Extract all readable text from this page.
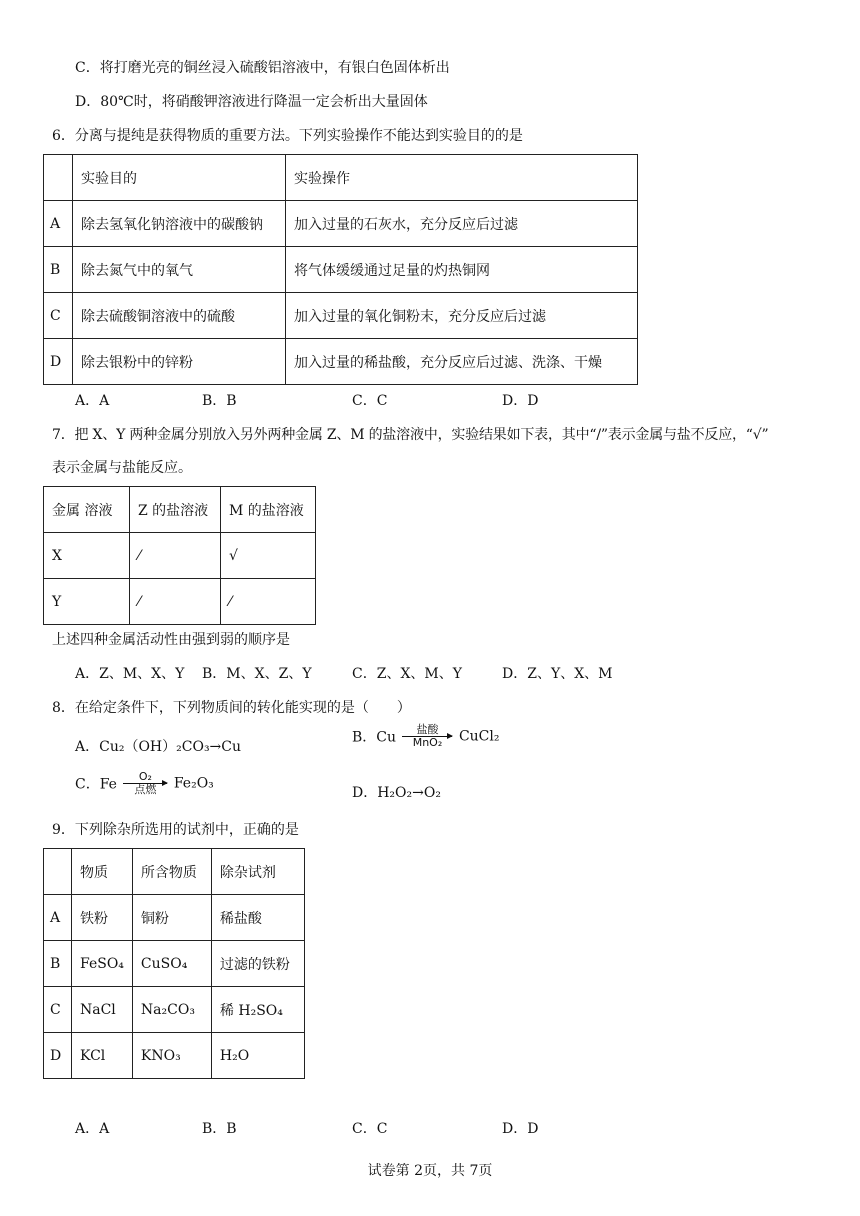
C．将打磨光亮的铜丝浸入硫酸铝溶液中，有银白色固体析出
D．80℃时，将硝酸钾溶液进行降温一定会析出大量固体
6．分离与提纯是获得物质的重要方法。下列实验操作不能达到实验目的的是
	实验目的	实验操作
A	除去氢氧化钠溶液中的碳酸钠	加入过量的石灰水，充分反应后过滤
B	除去氮气中的氧气	将气体缓缓通过足量的灼热铜网
C	除去硫酸铜溶液中的硫酸	加入过量的氧化铜粉末，充分反应后过滤
D	除去银粉中的锌粉	加入过量的稀盐酸，充分反应后过滤、洗涤、干燥
A．A	B．B	C．C	D．D
7．把 X、Y 两种金属分别放入另外两种金属 Z、M 的盐溶液中，实验结果如下表，其中“/”表示金属与盐不反应，“√”
表示金属与盐能反应。
金属 溶液	Z 的盐溶液	M 的盐溶液
X	⁄	√
Y	⁄	⁄
上述四种金属活动性由强到弱的顺序是
A．Z、M、X、Y B．M、X、Z、Y	C．Z、X、M、Y	D．Z、Y、X、M
8．在给定条件下，下列物质间的转化能实现的是（　　）
A．Cu₂（OH）₂CO₃→Cu
B．Cu	盐酸
MnO₂	CuCl₂
C．Fe	O₂
点燃	Fe₂O₃
D．H₂O₂→O₂
9．下列除杂所选用的试剂中，正确的是
	物质	所含物质	除杂试剂
A	铁粉	铜粉	稀盐酸
B	FeSO₄	CuSO₄	过滤的铁粉
C	NaCl	Na₂CO₃	稀 H₂SO₄
D	KCl	KNO₃	H₂O
A．A	B．B	C．C	D．D
试卷第 2页，共 7页
